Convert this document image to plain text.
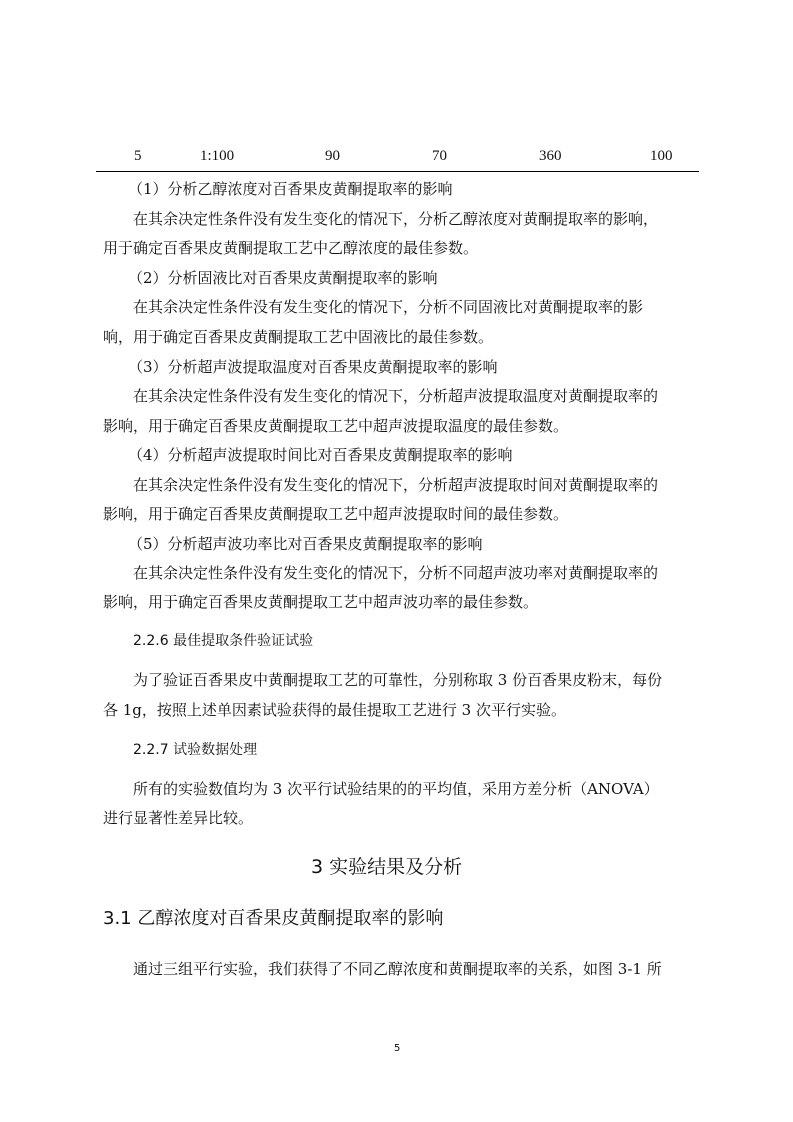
5	1:100	90	70	360	100
（1）分析乙醇浓度对百香果皮黄酮提取率的影响
在其余决定性条件没有发生变化的情况下，分析乙醇浓度对黄酮提取率的影响，
用于确定百香果皮黄酮提取工艺中乙醇浓度的最佳参数。
（2）分析固液比对百香果皮黄酮提取率的影响
在其余决定性条件没有发生变化的情况下，分析不同固液比对黄酮提取率的影
响，用于确定百香果皮黄酮提取工艺中固液比的最佳参数。
（3）分析超声波提取温度对百香果皮黄酮提取率的影响
在其余决定性条件没有发生变化的情况下，分析超声波提取温度对黄酮提取率的
影响，用于确定百香果皮黄酮提取工艺中超声波提取温度的最佳参数。
（4）分析超声波提取时间比对百香果皮黄酮提取率的影响
在其余决定性条件没有发生变化的情况下，分析超声波提取时间对黄酮提取率的
影响，用于确定百香果皮黄酮提取工艺中超声波提取时间的最佳参数。
（5）分析超声波功率比对百香果皮黄酮提取率的影响
在其余决定性条件没有发生变化的情况下，分析不同超声波功率对黄酮提取率的
影响，用于确定百香果皮黄酮提取工艺中超声波功率的最佳参数。
2.2.6 最佳提取条件验证试验
为了验证百香果皮中黄酮提取工艺的可靠性，分别称取 3 份百香果皮粉末，每份
各 1g，按照上述单因素试验获得的最佳提取工艺进行 3 次平行实验。
2.2.7 试验数据处理
所有的实验数值均为 3 次平行试验结果的的平均值，采用方差分析（ANOVA）
进行显著性差异比较。
3 实验结果及分析
3.1 乙醇浓度对百香果皮黄酮提取率的影响
通过三组平行实验，我们获得了不同乙醇浓度和黄酮提取率的关系，如图 3-1 所
5
